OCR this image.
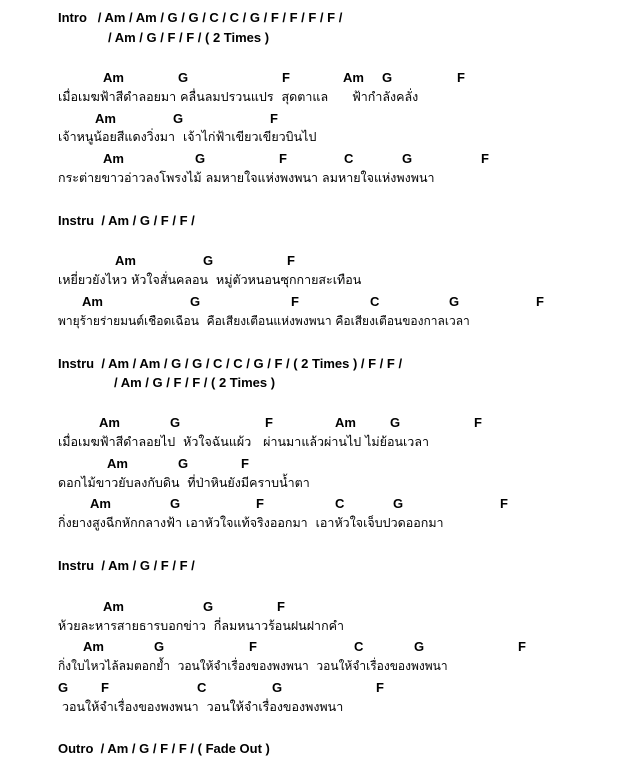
Intro   / Am / Am / G / G / C / C / G / F / F / F / F /
/ Am / G / F / F / ( 2 Times )

Am

	G

	F

	Am

G

	F

เมื่อเมฆฟ้าสีดำลอยมา คลื่นลมปรวนแปร  สุดตาแล      ฟ้ากำลังคลั่ง

Am

	G

	F

เจ้าหนูน้อยสีแดงวิ่งมา  เจ้าไก่ฟ้าเขียวเขียวบินไป

Am

	G

	F

	C

	G

	F

กระต่ายขาวอ่าวลงโพรงไม้ ลมหายใจแห่งพงพนา ลมหายใจแห่งพงพนา
Instru  / Am / G / F / F /

Am

	G

	F

เหยี่ยวยังไหว หัวใจสั่นคลอน  หมู่ตัวหนอนซุกกายสะเทือน

Am

	G

	F

	C

	G

	F

พายุร้ายร่ายมนต์เชือดเฉือน  คือเสียงเตือนแห่งพงพนา คือเสียงเตือนของกาลเวลา
Instru  / Am / Am / G / G / C / C / G / F / ( 2 Times ) / F / F /
/ Am / G / F / F / ( 2 Times )

Am

	G

	F

	Am

	G

	F

เมื่อเมฆฟ้าสีดำลอยไป  หัวใจฉันแผ้ว   ผ่านมาแล้วผ่านไป ไม่ย้อนเวลา

Am

	G

	F

ดอกไม้ขาวยับลงกับดิน  ที่ป่าหินยังมีคราบน้ำตา

Am

	G

	F

	C

	G

	F

กิ่งยางสูงฉีกหักกลางฟ้า เอาหัวใจแท้จริงออกมา  เอาหัวใจเจ็บปวดออกมา
Instru  / Am / G / F / F /

Am

	G

	F

ห้วยละหารสายธารบอกข่าว  กี่ลมหนาวร้อนฝนฝากคำ

Am

	G

	F

	C

	G

	F

กิ่งใบไหวไล้ลมตอกย้ำ  วอนให้จำเรื่องของพงพนา  วอนให้จำเรื่องของพงพนา

G

	F

	C

	G

	F

วอนให้จำเรื่องของพงพนา  วอนให้จำเรื่องของพงพนา
Outro  / Am / G / F / F / ( Fade Out )
